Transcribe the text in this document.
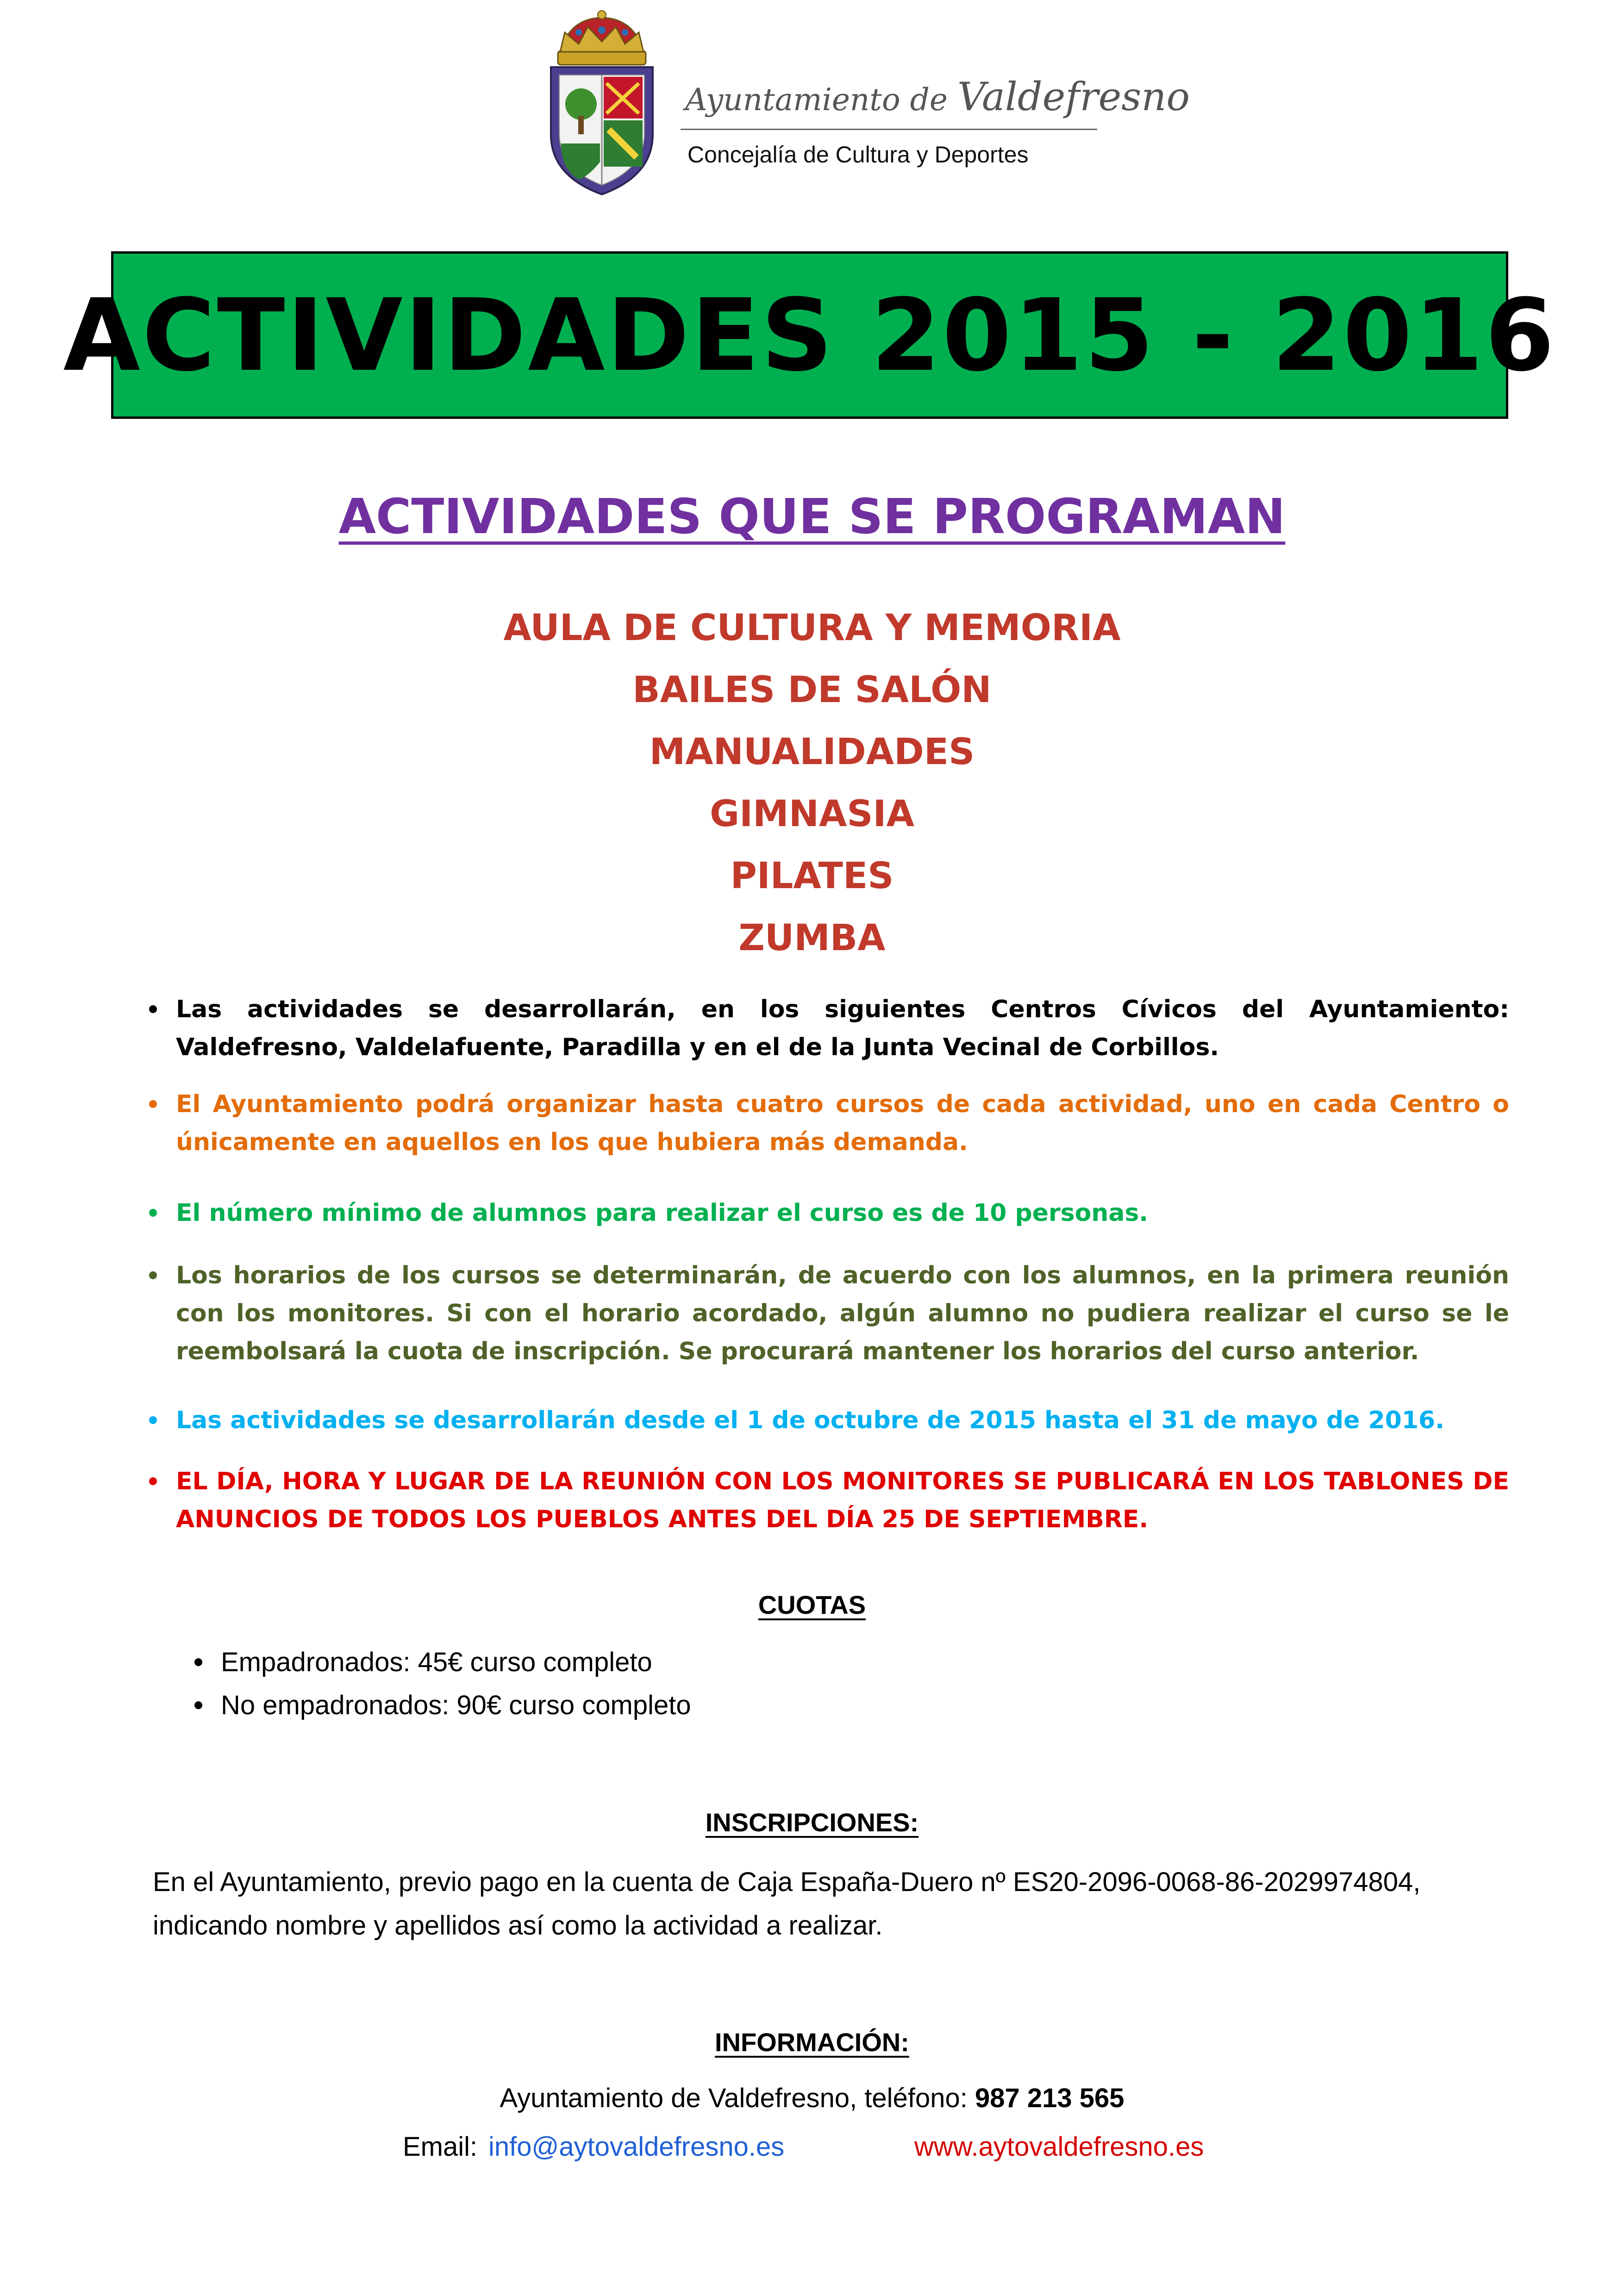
Ayuntamiento de Valdefresno
Concejalía de Cultura y Deportes
ACTIVIDADES 2015 - 2016
ACTIVIDADES QUE SE PROGRAMAN
AULA DE CULTURA Y MEMORIA
BAILES DE SALÓN
MANUALIDADES
GIMNASIA
PILATES
ZUMBA
Las actividades se desarrollarán, en los siguientes Centros Cívicos del Ayuntamiento: Valdefresno, Valdelafuente, Paradilla y en el de la Junta Vecinal de Corbillos.
El Ayuntamiento podrá organizar hasta cuatro cursos de cada actividad, uno en cada Centro o únicamente en aquellos en los que hubiera más demanda.
El número mínimo de alumnos para realizar el curso es de 10 personas.
Los horarios de los cursos se determinarán, de acuerdo con los alumnos, en la primera reunión con los monitores. Si con el horario acordado, algún alumno no pudiera realizar el curso se le reembolsará la cuota de inscripción. Se procurará mantener los horarios del curso anterior.
Las actividades se desarrollarán desde el 1 de octubre de 2015 hasta el 31 de mayo de 2016.
EL DÍA, HORA Y LUGAR DE LA REUNIÓN CON LOS MONITORES SE PUBLICARÁ EN LOS TABLONES DE ANUNCIOS DE TODOS LOS PUEBLOS ANTES DEL DÍA 25 DE SEPTIEMBRE.
CUOTAS
Empadronados: 45€ curso completo
No empadronados: 90€ curso completo
INSCRIPCIONES:
En el Ayuntamiento, previo pago en la cuenta de Caja España-Duero nº ES20-2096-0068-86-2029974804, indicando nombre y apellidos así como la actividad a realizar.
INFORMACIÓN:
Ayuntamiento de Valdefresno, teléfono: 987 213 565
Email: info@aytovaldefresno.es	www.aytovaldefresno.es
